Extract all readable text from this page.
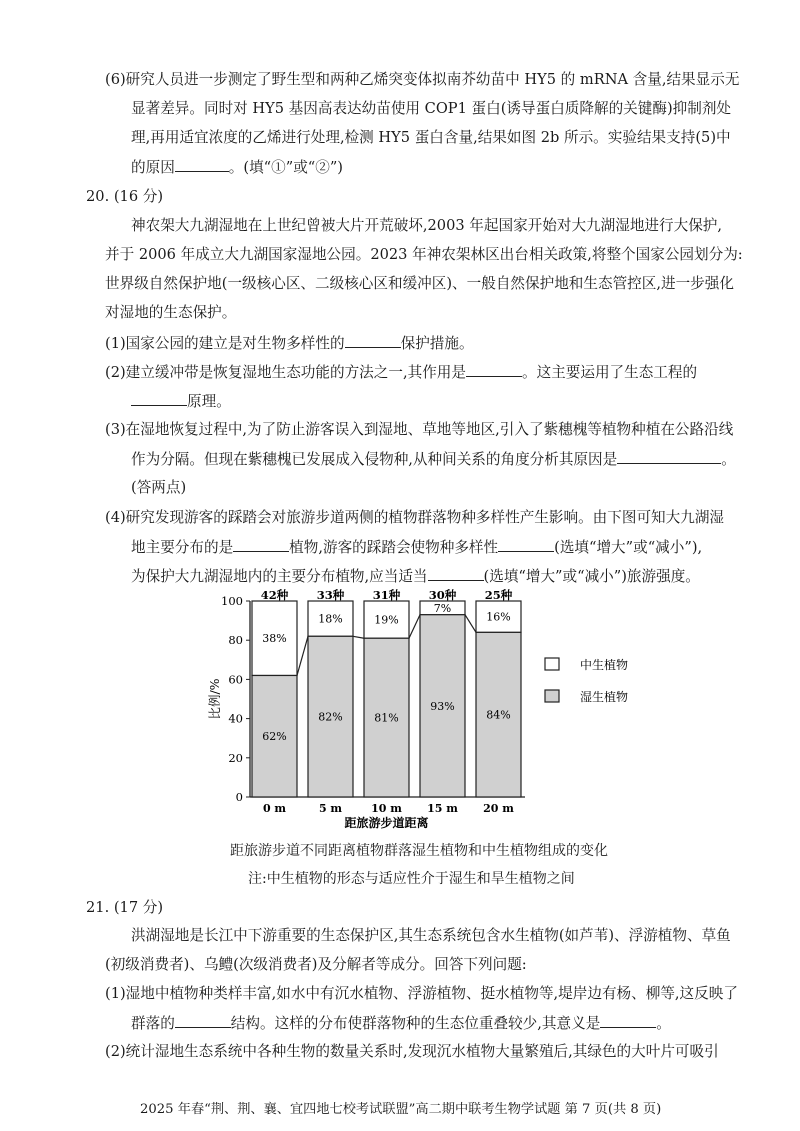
(6)研究人员进一步测定了野生型和两种乙烯突变体拟南芥幼苗中 HY5 的 mRNA 含量,结果显示无
显著差异。同时对 HY5 基因高表达幼苗使用 COP1 蛋白(诱导蛋白质降解的关键酶)抑制剂处
理,再用适宜浓度的乙烯进行处理,检测 HY5 蛋白含量,结果如图 2b 所示。实验结果支持(5)中
的原因	。(填“①”或“②”)
20. (16 分)
神农架大九湖湿地在上世纪曾被大片开荒破坏,2003 年起国家开始对大九湖湿地进行大保护,
并于 2006 年成立大九湖国家湿地公园。2023 年神农架林区出台相关政策,将整个国家公园划分为:
世界级自然保护地(一级核心区、二级核心区和缓冲区)、一般自然保护地和生态管控区,进一步强化
对湿地的生态保护。
(1)国家公园的建立是对生物多样性的	保护措施。
(2)建立缓冲带是恢复湿地生态功能的方法之一,其作用是	。这主要运用了生态工程的
原理。
(3)在湿地恢复过程中,为了防止游客误入到湿地、草地等地区,引入了紫穗槐等植物种植在公路沿线
作为分隔。但现在紫穗槐已发展成入侵物种,从种间关系的角度分析其原因是	。
(答两点)
(4)研究发现游客的踩踏会对旅游步道两侧的植物群落物种多样性产生影响。由下图可知大九湖湿
地主要分布的是	植物,游客的踩踏会使物种多样性	(选填“增大”或“减小”),
为保护大九湖湿地内的主要分布植物,应当适当	(选填“增大”或“减小”)旅游强度。
0
20
40
60
80
100
比例/%
38%
62%
42种
0 m
18%
82%
33种
5 m
19%
81%
31种
10 m
7%
93%
30种
15 m
16%
84%
25种
20 m
距旅游步道距离
中生植物
湿生植物
距旅游步道不同距离植物群落湿生植物和中生植物组成的变化
注:中生植物的形态与适应性介于湿生和旱生植物之间
21. (17 分)
洪湖湿地是长江中下游重要的生态保护区,其生态系统包含水生植物(如芦苇)、浮游植物、草鱼
(初级消费者)、乌鳢(次级消费者)及分解者等成分。回答下列问题:
(1)湿地中植物种类样丰富,如水中有沉水植物、浮游植物、挺水植物等,堤岸边有杨、柳等,这反映了
群落的	结构。这样的分布使群落物种的生态位重叠较少,其意义是	。
(2)统计湿地生态系统中各种生物的数量关系时,发现沉水植物大量繁殖后,其绿色的大叶片可吸引
2025 年春“荆、荆、襄、宜四地七校考试联盟”高二期中联考生物学试题 第 7 页(共 8 页)
